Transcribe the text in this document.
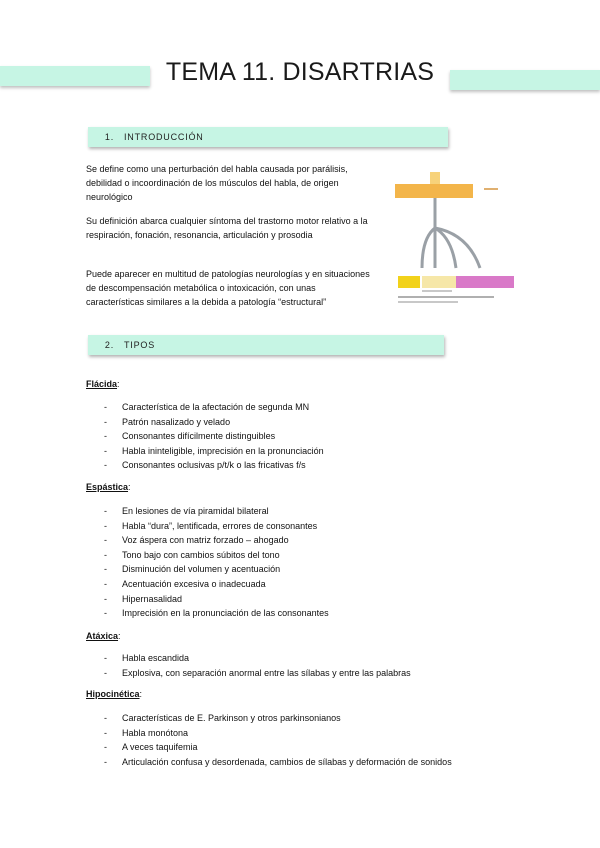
TEMA 11. DISARTRIAS
1. INTRODUCCIÓN

Se define como una perturbación del habla causada por parálisis, debilidad o incoordinación de los músculos del habla, de origen neurológico

Su definición abarca cualquier síntoma del trastorno motor relativo a la respiración, fonación, resonancia, articulación y prosodia

Puede aparecer en multitud de patologías neurologías y en situaciones de descompensación metabólica o intoxicación, con unas características similares a la debida a patología “estructural”

2. TIPOS
Flácida:
- Característica de la afectación de segunda MN
- Patrón nasalizado y velado
- Consonantes difícilmente distinguibles
- Habla ininteligible, imprecisión en la pronunciación
- Consonantes oclusivas p/t/k o las fricativas f/s
Espástica:
- En lesiones de vía piramidal bilateral
- Habla “dura”, lentificada, errores de consonantes
- Voz áspera con matriz forzado – ahogado
- Tono bajo con cambios súbitos del tono
- Disminución del volumen y acentuación
- Acentuación excesiva o inadecuada
- Hipernasalidad
- Imprecisión en la pronunciación de las consonantes
Atáxica:
- Habla escandida
- Explosiva, con separación anormal entre las sílabas y entre las palabras
Hipocinética:
- Características de E. Parkinson y otros parkinsonianos
- Habla monótona
- A veces taquifemia
- Articulación confusa y desordenada, cambios de sílabas y deformación de sonidos
